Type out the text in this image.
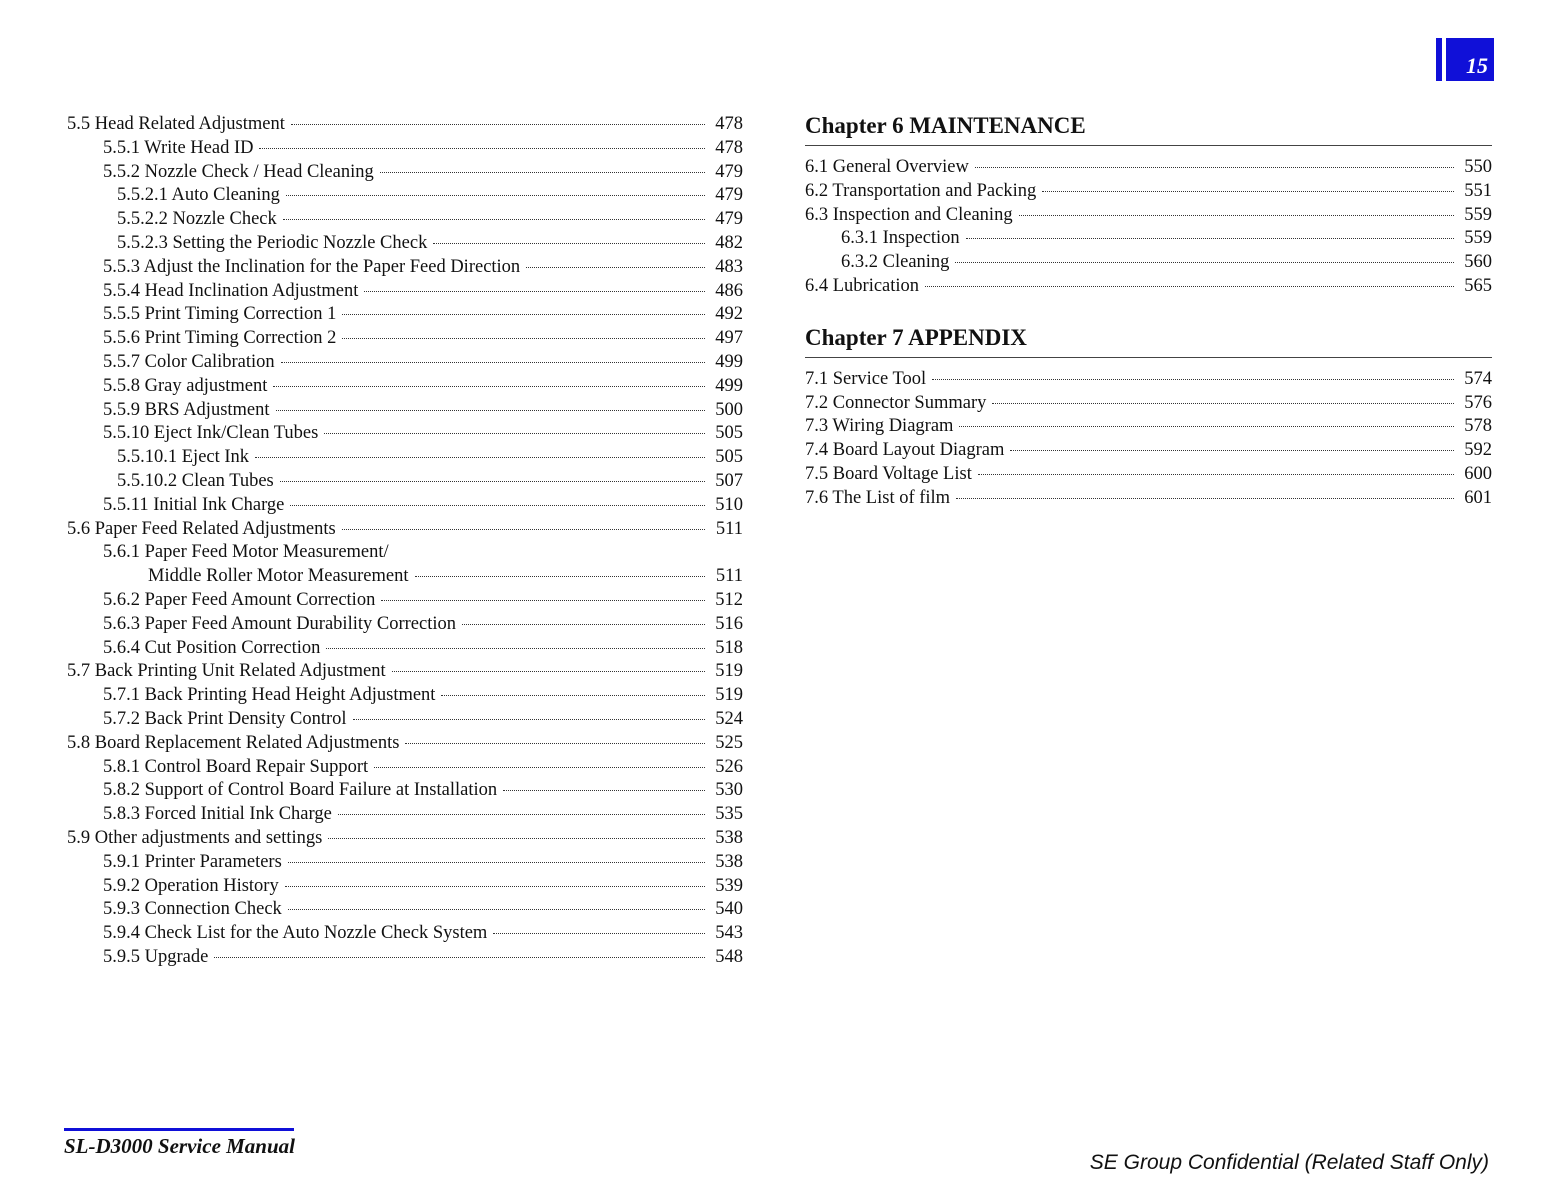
15
5.5 Head Related Adjustment	478
5.5.1 Write Head ID	478
5.5.2 Nozzle Check / Head Cleaning	479
5.5.2.1 Auto Cleaning	479
5.5.2.2 Nozzle Check	479
5.5.2.3 Setting the Periodic Nozzle Check	482
5.5.3 Adjust the Inclination for the Paper Feed Direction	483
5.5.4 Head Inclination Adjustment	486
5.5.5 Print Timing Correction 1	492
5.5.6 Print Timing Correction 2	497
5.5.7 Color Calibration	499
5.5.8 Gray adjustment	499
5.5.9 BRS Adjustment	500
5.5.10 Eject Ink/Clean Tubes	505
5.5.10.1 Eject Ink	505
5.5.10.2 Clean Tubes	507
5.5.11 Initial Ink Charge	510
5.6 Paper Feed Related Adjustments	511
5.6.1 Paper Feed Motor Measurement/
Middle Roller Motor Measurement	511
5.6.2 Paper Feed Amount Correction	512
5.6.3 Paper Feed Amount Durability Correction	516
5.6.4 Cut Position Correction	518
5.7 Back Printing Unit Related Adjustment	519
5.7.1 Back Printing Head Height Adjustment	519
5.7.2 Back Print Density Control	524
5.8 Board Replacement Related Adjustments	525
5.8.1 Control Board Repair Support	526
5.8.2 Support of Control Board Failure at Installation	530
5.8.3 Forced Initial Ink Charge	535
5.9 Other adjustments and settings	538
5.9.1 Printer Parameters	538
5.9.2 Operation History	539
5.9.3 Connection Check	540
5.9.4 Check List for the Auto Nozzle Check System	543
5.9.5 Upgrade	548
Chapter 6 MAINTENANCE
6.1 General Overview	550
6.2 Transportation and Packing	551
6.3 Inspection and Cleaning	559
6.3.1 Inspection	559
6.3.2 Cleaning	560
6.4 Lubrication	565
Chapter 7 APPENDIX
7.1 Service Tool	574
7.2 Connector Summary	576
7.3 Wiring Diagram	578
7.4 Board Layout Diagram	592
7.5 Board Voltage List	600
7.6 The List of film	601
SL-D3000 Service Manual
SE Group Confidential (Related Staff Only)
